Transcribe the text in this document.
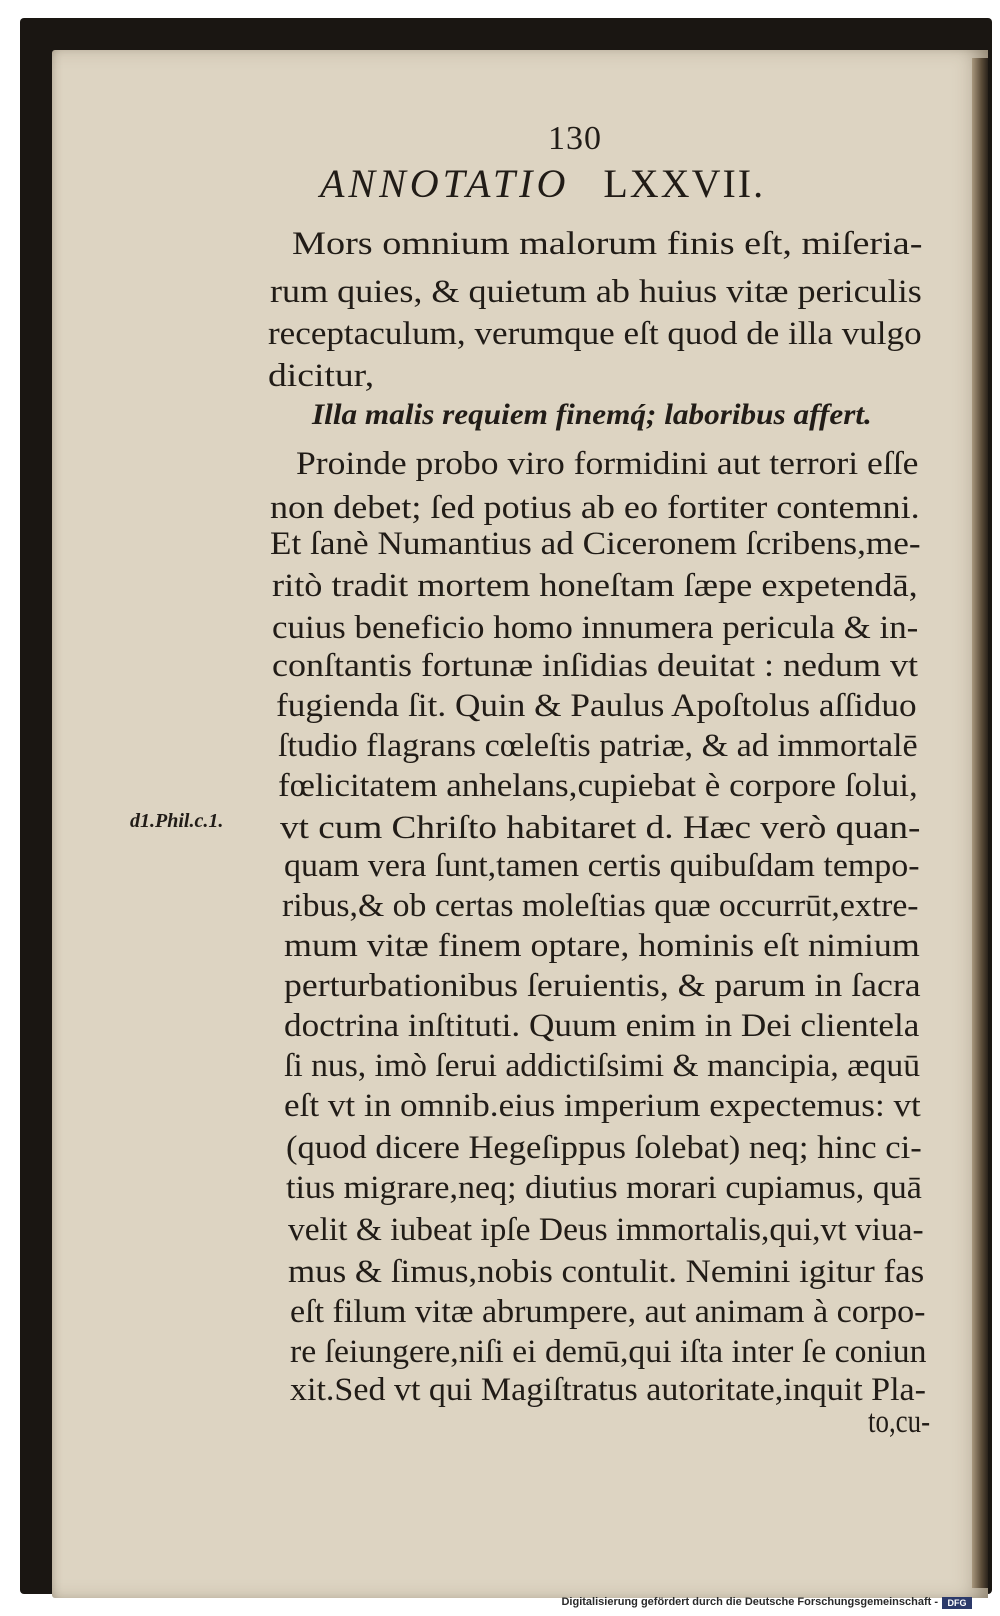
130
ANNOTATIO LXXVII.
d1.Phil.c.1.
Mors omnium malorum finis eſt, miſeria-
rum quies, & quietum ab huius vitæ periculis
receptaculum, verumque eſt quod de illa vulgo
dicitur,
Illa malis requiem finemq́; laboribus affert.
Proinde probo viro formidini aut terrori eſſe
non debet; ſed potius ab eo fortiter contemni.
Et ſanè Numantius ad Ciceronem ſcribens,me-
ritò tradit mortem honeſtam ſæpe expetendā,
cuius beneficio homo innumera pericula & in-
conſtantis fortunæ inſidias deuitat : nedum vt
fugienda ſit. Quin & Paulus Apoſtolus aſſiduo
ſtudio flagrans cœleſtis patriæ, & ad immortalē
fœlicitatem anhelans,cupiebat è corpore ſolui,
vt cum Chriſto habitaret d. Hæc verò quan-
quam vera ſunt,tamen certis quibuſdam tempo-
ribus,& ob certas moleſtias quæ occurrūt,extre-
mum vitæ finem optare, hominis eſt nimium
perturbationibus ſeruientis, & parum in ſacra
doctrina inſtituti. Quum enim in Dei clientela
ſi nus, imò ſerui addictiſsimi & mancipia, æquū
eſt vt in omnib.eius imperium expectemus: vt
(quod dicere Hegeſippus ſolebat) neq; hinc ci-
tius migrare,neq; diutius morari cupiamus, quā
velit & iubeat ipſe Deus immortalis,qui,vt viua-
mus & ſimus,nobis contulit. Nemini igitur fas
eſt filum vitæ abrumpere, aut animam à corpo-
re ſeiungere,niſi ei demū,qui iſta inter ſe coniun
xit.Sed vt qui Magiſtratus autoritate,inquit Pla-
to,cu-
Digitalisierung gefördert durch die Deutsche Forschungsgemeinschaft -	DFG
